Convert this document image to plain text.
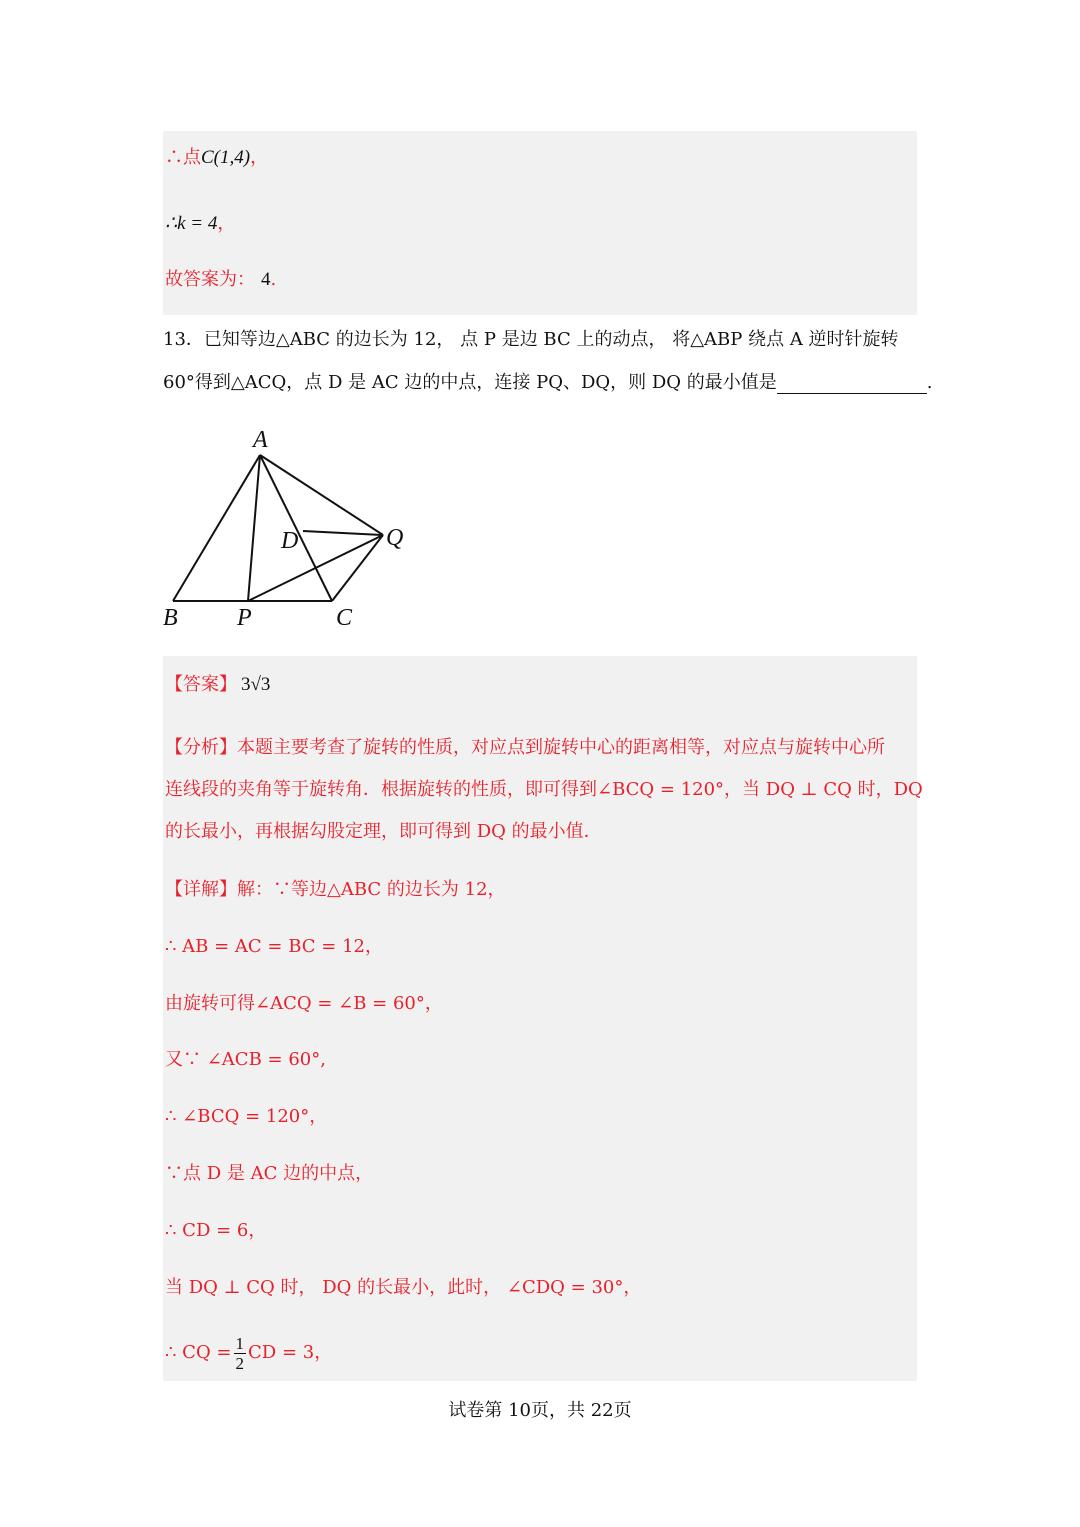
∴点C(1,4)，
∴k = 4，
故答案为： 4.
13．已知等边△ABC 的边长为 12， 点 P 是边 BC 上的动点， 将△ABP 绕点 A 逆时针旋转
60°得到△ACQ，点 D 是 AC 边的中点，连接 PQ、DQ，则 DQ 的最小值是	.
A
B P	C
D	Q
【答案】 3√3
【分析】本题主要考查了旋转的性质，对应点到旋转中心的距离相等，对应点与旋转中心所
连线段的夹角等于旋转角．根据旋转的性质，即可得到∠BCQ = 120°，当 DQ ⊥ CQ 时，DQ
的长最小，再根据勾股定理，即可得到 DQ 的最小值．
【详解】解：∵等边△ABC 的边长为 12，
∴ AB = AC = BC = 12，
由旋转可得∠ACQ = ∠B = 60°，
又∵ ∠ACB = 60°,
∴ ∠BCQ = 120°，
∵点 D 是 AC 边的中点，
∴ CD = 6，
当 DQ ⊥ CQ 时， DQ 的长最小，此时， ∠CDQ = 30°，
∴ CQ = $\frac{1}{2}$ CD = 3，
试卷第 10页，共 22页
